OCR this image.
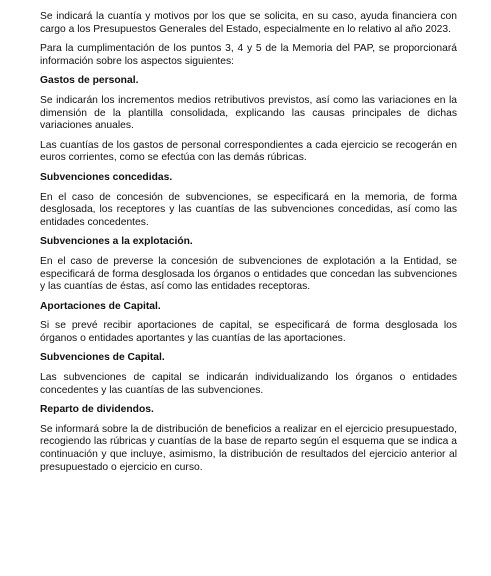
Se indicará la cuantía y motivos por los que se solicita, en su caso, ayuda financiera con cargo a los Presupuestos Generales del Estado, especialmente en lo relativo al año 2023.

Para la cumplimentación de los puntos 3, 4 y 5 de la Memoria del PAP, se proporcionará información sobre los aspectos siguientes:

Gastos de personal.

Se indicarán los incrementos medios retributivos previstos, así como las variaciones en la dimensión de la plantilla consolidada, explicando las causas principales de dichas variaciones anuales.

Las cuantías de los gastos de personal correspondientes a cada ejercicio se recogerán en euros corrientes, como se efectúa con las demás rúbricas.

Subvenciones concedidas.

En el caso de concesión de subvenciones, se especificará en la memoria, de forma desglosada, los receptores y las cuantías de las subvenciones concedidas, así como las entidades concedentes.

Subvenciones a la explotación.

En el caso de preverse la concesión de subvenciones de explotación a la Entidad, se especificará de forma desglosada los órganos o entidades que concedan las subvenciones y las cuantías de éstas, así como las entidades receptoras.

Aportaciones de Capital.

Si se prevé recibir aportaciones de capital, se especificará de forma desglosada los órganos o entidades aportantes y las cuantías de las aportaciones.

Subvenciones de Capital.

Las subvenciones de capital se indicarán individualizando los órganos o entidades concedentes y las cuantías de las subvenciones.

Reparto de dividendos.

Se informará sobre la de distribución de beneficios a realizar en el ejercicio presupuestado, recogiendo las rúbricas y cuantías de la base de reparto según el esquema que se indica a continuación y que incluye, asimismo, la distribución de resultados del ejercicio anterior al presupuestado o ejercicio en curso.
